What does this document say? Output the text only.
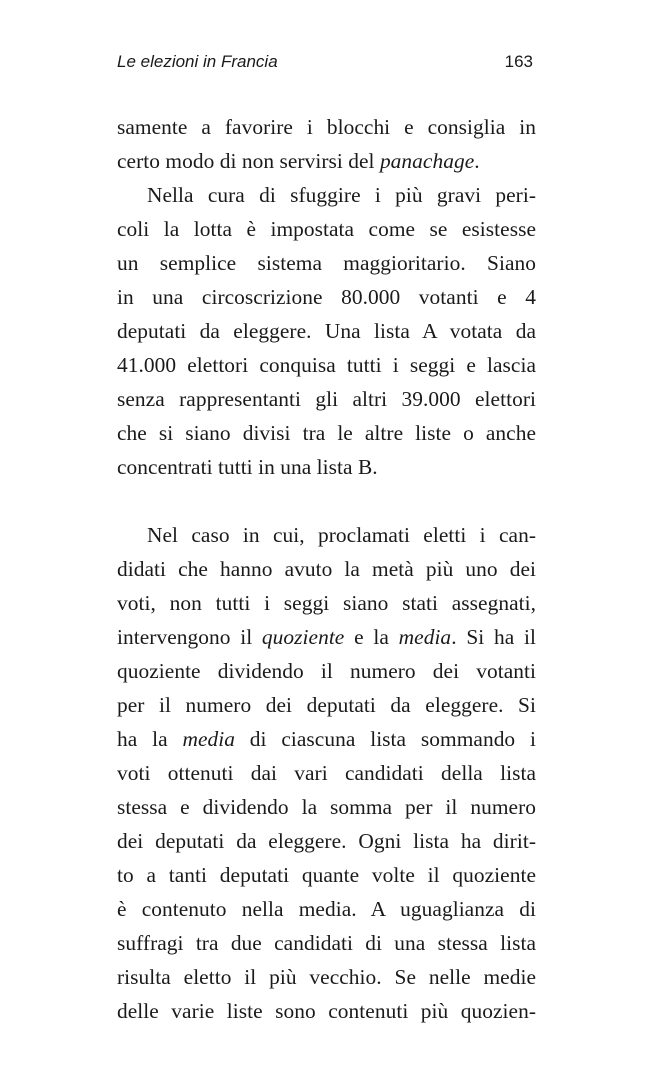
Le elezioni in Francia	163
samente a favorire i blocchi e consiglia in
certo modo di non servirsi del panachage.
Nella cura di sfuggire i più gravi peri-
coli la lotta è impostata come se esistesse
un semplice sistema maggioritario. Siano
in una circoscrizione 80.000 votanti e 4
deputati da eleggere. Una lista A votata da
41.000 elettori conquisa tutti i seggi e lascia
senza rappresentanti gli altri 39.000 elettori
che si siano divisi tra le altre liste o anche
concentrati tutti in una lista B.
Nel caso in cui, proclamati eletti i can-
didati che hanno avuto la metà più uno dei
voti, non tutti i seggi siano stati assegnati,
intervengono il quoziente e la media. Si ha il
quoziente dividendo il numero dei votanti
per il numero dei deputati da eleggere. Si
ha la media di ciascuna lista sommando i
voti ottenuti dai vari candidati della lista
stessa e dividendo la somma per il numero
dei deputati da eleggere. Ogni lista ha dirit-
to a tanti deputati quante volte il quoziente
è contenuto nella media. A uguaglianza di
suffragi tra due candidati di una stessa lista
risulta eletto il più vecchio. Se nelle medie
delle varie liste sono contenuti più quozien-
